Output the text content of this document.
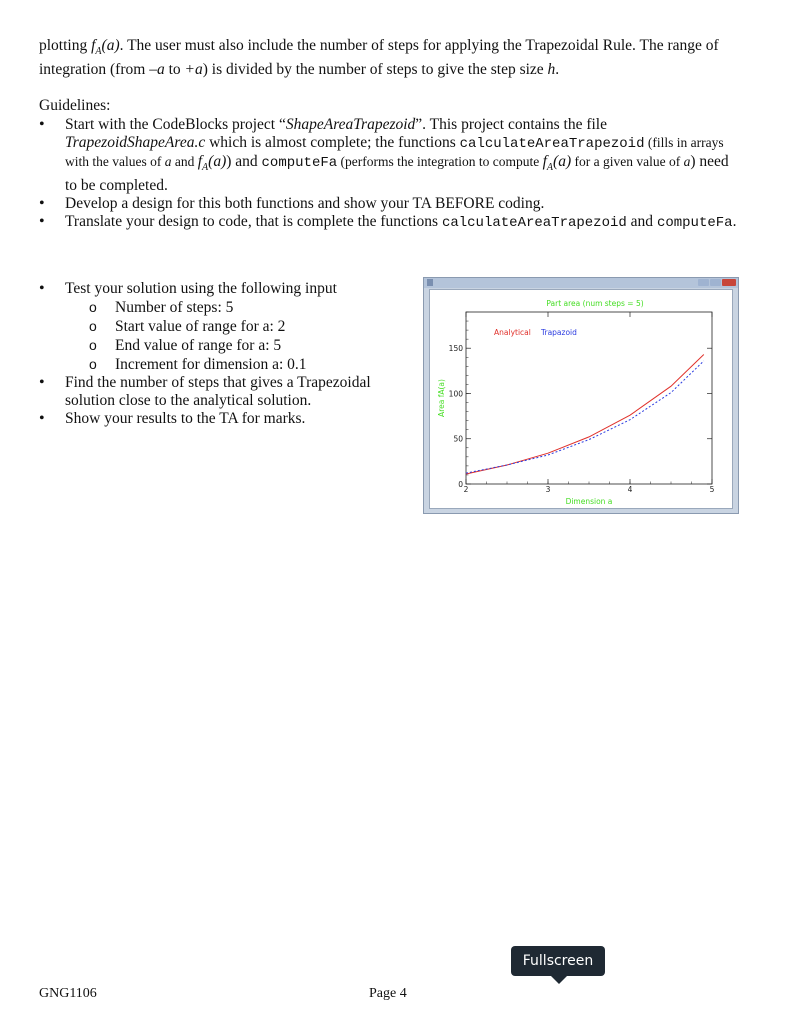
plotting $f_A(a)$. The user must also include the number of steps for applying the Trapezoidal Rule. The range of integration (from –a to +a) is divided by the number of steps to give the step size h.
Guidelines:
• Start with the CodeBlocks project “ShapeAreaTrapezoid”. This project contains the file TrapezoidShapeArea.c which is almost complete; the functions calculateAreaTrapezoid (fills in arrays with the values of a and $f_A(a)$) and computeFa (performs the integration to compute $f_A(a)$ for a given value of a) need to be completed.
• Develop a design for this both functions and show your TA BEFORE coding.
• Translate your design to code, that is complete the functions calculateAreaTrapezoid and computeFa.
• Test your solution using the following input
o Number of steps: 5
o Start value of range for a: 2
o End value of range for a: 5
o Increment for dimension a: 0.1
• Find the number of steps that gives a Trapezoidal solution close to the analytical solution.
• Show your results to the TA for marks.
Part area (num steps = 5)
Analytical Trapazoid
2	3	4	5
0
50
100
150
Dimension a
Area fA(a)
GNG1106	Page 4
Fullscreen
